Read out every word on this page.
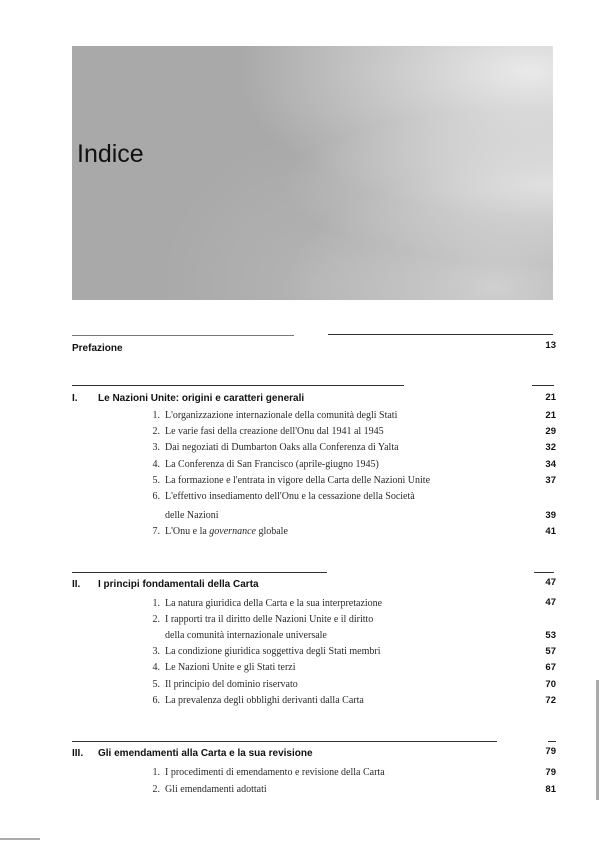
Indice
Prefazione	13
I. Le Nazioni Unite: origini e caratteri generali	21
1. L'organizzazione internazionale della comunità degli Stati	21
2. Le varie fasi della creazione dell'Onu dal 1941 al 1945	29
3. Dai negoziati di Dumbarton Oaks alla Conferenza di Yalta	32
4. La Conferenza di San Francisco (aprile-giugno 1945)	34
5. La formazione e l'entrata in vigore della Carta delle Nazioni Unite	37
6. L'effettivo insediamento dell'Onu e la cessazione della Società
delle Nazioni	39
7. L'Onu e la governance globale	41
II. I principi fondamentali della Carta	47
1. La natura giuridica della Carta e la sua interpretazione	47
2. I rapporti tra il diritto delle Nazioni Unite e il diritto
della comunità internazionale universale	53
3. La condizione giuridica soggettiva degli Stati membri	57
4. Le Nazioni Unite e gli Stati terzi	67
5. Il principio del dominio riservato	70
6. La prevalenza degli obblighi derivanti dalla Carta	72
III. Gli emendamenti alla Carta e la sua revisione	79
1. I procedimenti di emendamento e revisione della Carta	79
2. Gli emendamenti adottati	81
